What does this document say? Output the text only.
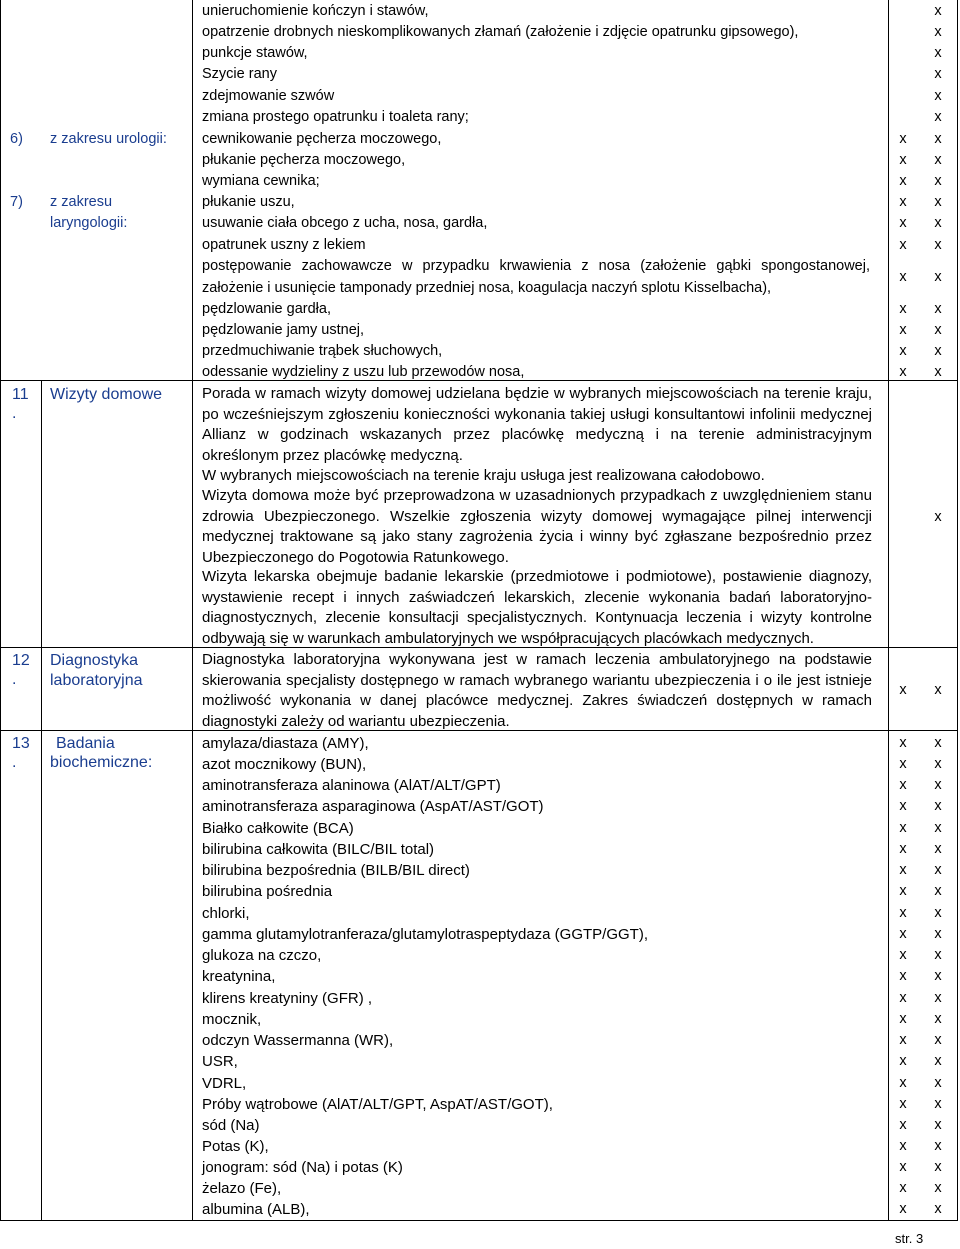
6) z zakresu urologii:
7) z zakresu
laryngologii:
11
.
Wizyty domowe
12
.
Diagnostyka
laboratoryjna
13
.
Badania
biochemiczne:
unieruchomienie kończyn i stawów,
opatrzenie drobnych nieskomplikowanych złamań (założenie i zdjęcie opatrunku gipsowego),
punkcje stawów,
Szycie rany
zdejmowanie szwów
zmiana prostego opatrunku i toaleta rany;
cewnikowanie pęcherza moczowego,
płukanie pęcherza moczowego,
wymiana cewnika;
płukanie uszu,
usuwanie ciała obcego z ucha, nosa, gardła,
opatrunek uszny z lekiem
postępowanie zachowawcze w przypadku krwawienia z nosa (założenie gąbki spongostanowej,
założenie i usunięcie tamponady przedniej nosa, koagulacja naczyń splotu Kisselbacha),
pędzlowanie gardła,
pędzlowanie jamy ustnej,
przedmuchiwanie trąbek słuchowych,
odessanie wydzieliny z uszu lub przewodów nosa,
Porada w ramach wizyty domowej udzielana będzie w wybranych miejscowościach na terenie kraju, po wcześniejszym zgłoszeniu konieczności wykonania takiej usługi konsultantowi infolinii medycznej Allianz w godzinach wskazanych przez placówkę medyczną i na terenie administracyjnym określonym przez placówkę medyczną.
W wybranych miejscowościach na terenie kraju usługa jest realizowana całodobowo.
Wizyta domowa może być przeprowadzona w uzasadnionych przypadkach z uwzględnieniem stanu zdrowia Ubezpieczonego. Wszelkie zgłoszenia wizyty domowej wymagające pilnej interwencji medycznej traktowane są jako stany zagrożenia życia i winny być zgłaszane bezpośrednio przez Ubezpieczonego do Pogotowia Ratunkowego.
Wizyta lekarska obejmuje badanie lekarskie (przedmiotowe i podmiotowe), postawienie diagnozy, wystawienie recept i innych zaświadczeń lekarskich, zlecenie wykonania badań laboratoryjno-diagnostycznych, zlecenie konsultacji specjalistycznych. Kontynuacja leczenia i wizyty kontrolne odbywają się w warunkach ambulatoryjnych we współpracujących placówkach medycznych.
Diagnostyka laboratoryjna wykonywana jest w ramach leczenia ambulatoryjnego na podstawie skierowania specjalisty dostępnego w ramach wybranego wariantu ubezpieczenia i o ile jest istnieje możliwość wykonania w danej placówce medycznej. Zakres świadczeń dostępnych w ramach diagnostyki zależy od wariantu ubezpieczenia.
amylaza/diastaza (AMY),
azot mocznikowy (BUN),
aminotransferaza alaninowa (AlAT/ALT/GPT)
aminotransferaza asparaginowa (AspAT/AST/GOT)
Białko całkowite (BCA)
bilirubina całkowita (BILC/BIL total)
bilirubina bezpośrednia (BILB/BIL direct)
bilirubina pośrednia
chlorki,
gamma glutamylotranferaza/glutamylotraspeptydaza (GGTP/GGT),
glukoza na czczo,
kreatynina,
klirens kreatyniny (GFR) ,
mocznik,
odczyn Wassermanna (WR),
USR,
VDRL,
Próby wątrobowe (AlAT/ALT/GPT, AspAT/AST/GOT),
sód (Na)
Potas (K),
jonogram: sód (Na) i potas (K)
żelazo (Fe),
albumina (ALB),
x
x
x
x
x
x
x x
x x
x x
x x
x x
x x
x x
x x
x x
x x
x x
x x
x x
x x
x x
x x
x x
x x
x x
x x
x x
x x
x x
x x
x x
x x
x x
x x
x x
x x
x x
x x
x x
x x
x
x x
str. 3
